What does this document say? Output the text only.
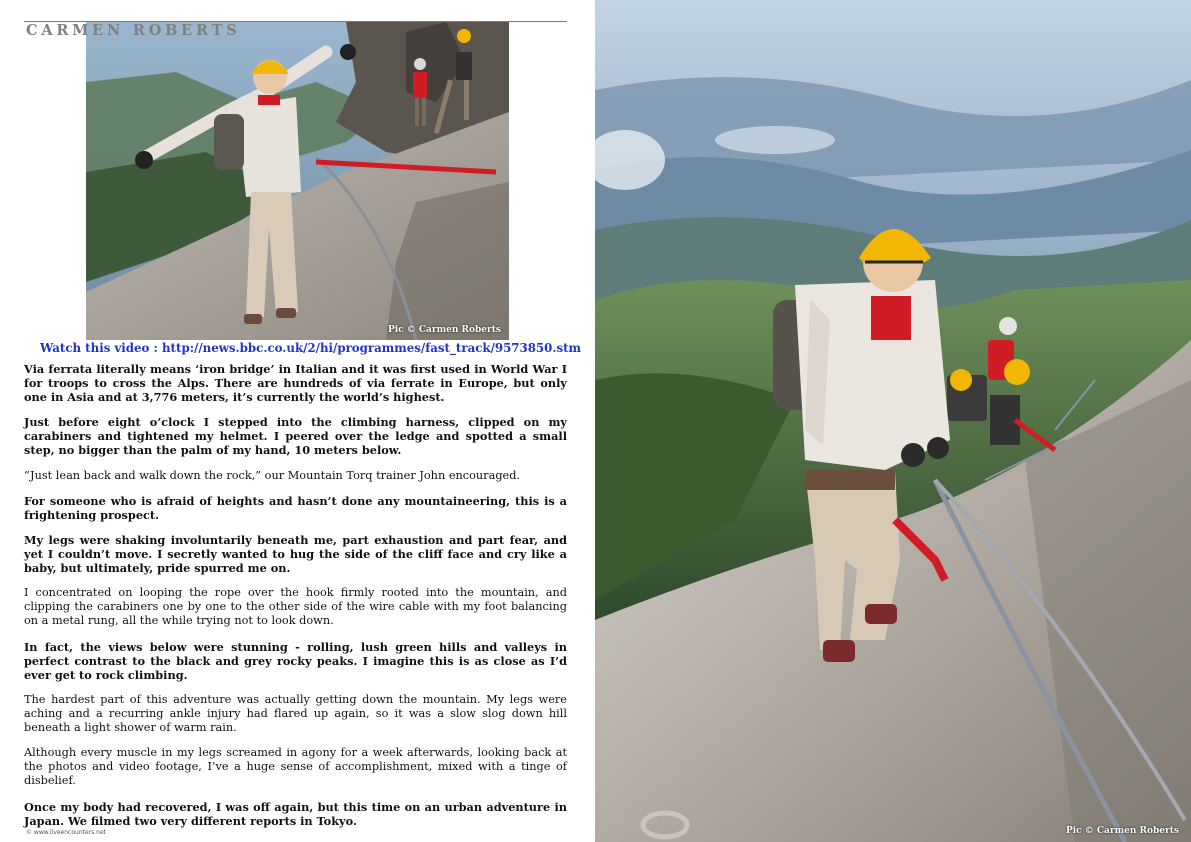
Pic © Carmen Roberts
CARMEN ROBERTS
Watch this video : http://news.bbc.co.uk/2/hi/programmes/fast_track/9573850.stm

Via ferrata literally means ‘iron bridge’ in Italian and it was first used in World War I for troops to cross the Alps. There are hundreds of via ferrate in Europe, but only one in Asia and at 3,776 meters, it’s currently the world’s highest.

Just before eight o’clock I stepped into the climbing harness, clipped on my carabiners and tightened my helmet. I peered over the ledge and spotted a small step, no bigger than the palm of my hand, 10 meters below.

“Just lean back and walk down the rock,” our Mountain Torq trainer John encouraged.

For someone who is afraid of heights and hasn’t done any mountaineering, this is a frightening prospect.

My legs were shaking involuntarily beneath me, part exhaustion and part fear, and yet I couldn’t move. I secretly wanted to hug the side of the cliff face and cry like a baby, but ultimately, pride spurred me on.

I concentrated on looping the rope over the hook firmly rooted into the mountain, and clipping the carabiners one by one to the other side of the wire cable with my foot balancing on a metal rung, all the while trying not to look down.

In fact, the views below were stunning - rolling, lush green hills and valleys in perfect contrast to the black and grey rocky peaks. I imagine this is as close as I’d ever get to rock climbing.

The hardest part of this adventure was actually getting down the mountain. My legs were aching and a recurring ankle injury had flared up again, so it was a slow slog down hill beneath a light shower of warm rain.

Although every muscle in my legs screamed in agony for a week afterwards, looking back at the photos and video footage, I’ve a huge sense of accomplishment, mixed with a tinge of disbelief.

Once my body had recovered, I was off again, but this time on an urban adventure in Japan. We filmed two very different reports in Tokyo.

© www.liveencounters.net	Pic © Carmen Roberts
